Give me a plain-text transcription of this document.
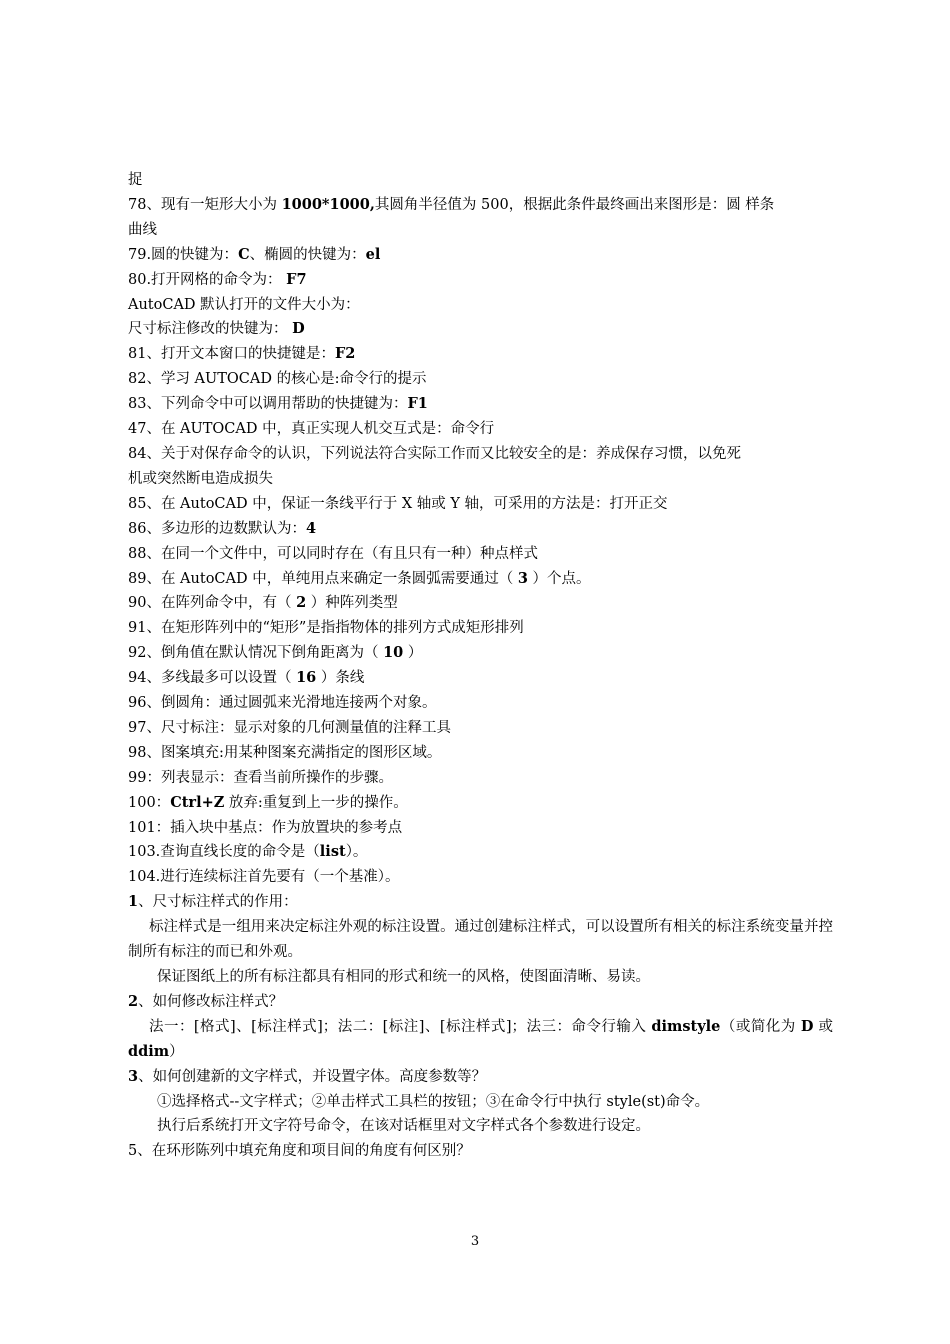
捉
78、现有一矩形大小为 1000*1000,其圆角半径值为 500，根据此条件最终画出来图形是：圆 样条
曲线
79.圆的快键为：C、椭圆的快键为：el
80.打开网格的命令为： F7
AutoCAD 默认打开的文件大小为：
尺寸标注修改的快键为： D
81、打开文本窗口的快捷键是：F2
82、学习 AUTOCAD 的核心是:命令行的提示
83、下列命令中可以调用帮助的快捷键为：F1
47、在 AUTOCAD 中，真正实现人机交互式是：命令行
84、关于对保存命令的认识，下列说法符合实际工作而又比较安全的是：养成保存习惯，以免死
机或突然断电造成损失
85、在 AutoCAD 中，保证一条线平行于 X 轴或 Y 轴，可采用的方法是：打开正交
86、多边形的边数默认为：4
88、在同一个文件中，可以同时存在（有且只有一种）种点样式
89、在 AutoCAD 中，单纯用点来确定一条圆弧需要通过（ 3 ）个点。
90、在阵列命令中，有（ 2 ）种阵列类型
91、在矩形阵列中的“矩形”是指指物体的排列方式成矩形排列
92、倒角值在默认情况下倒角距离为（ 10 ）
94、多线最多可以设置（ 16 ）条线
96、倒圆角：通过圆弧来光滑地连接两个对象。
97、尺寸标注：显示对象的几何测量值的注释工具
98、图案填充:用某种图案充满指定的图形区域。
99：列表显示：查看当前所操作的步骤。
100：Ctrl+Z 放弃:重复到上一步的操作。
101：插入块中基点：作为放置块的参考点
103.查询直线长度的命令是（list）。
104.进行连续标注首先要有（一个基准）。
1、尺寸标注样式的作用：
标注样式是一组用来决定标注外观的标注设置。通过创建标注样式，可以设置所有相关的标注系统变量并控制所有标注的而已和外观。
保证图纸上的所有标注都具有相同的形式和统一的风格，使图面清晰、易读。
2、如何修改标注样式？
法一：[格式]、[标注样式]；法二：[标注]、[标注样式]；法三：命令行输入 dimstyle（或简化为 D 或 ddim）
3、如何创建新的文字样式，并设置字体。高度参数等？
①选择格式--文字样式；②单击样式工具栏的按钮；③在命令行中执行 style(st)命令。
执行后系统打开文字符号命令，在该对话框里对文字样式各个参数进行设定。
5、在环形陈列中填充角度和项目间的角度有何区别？
3
